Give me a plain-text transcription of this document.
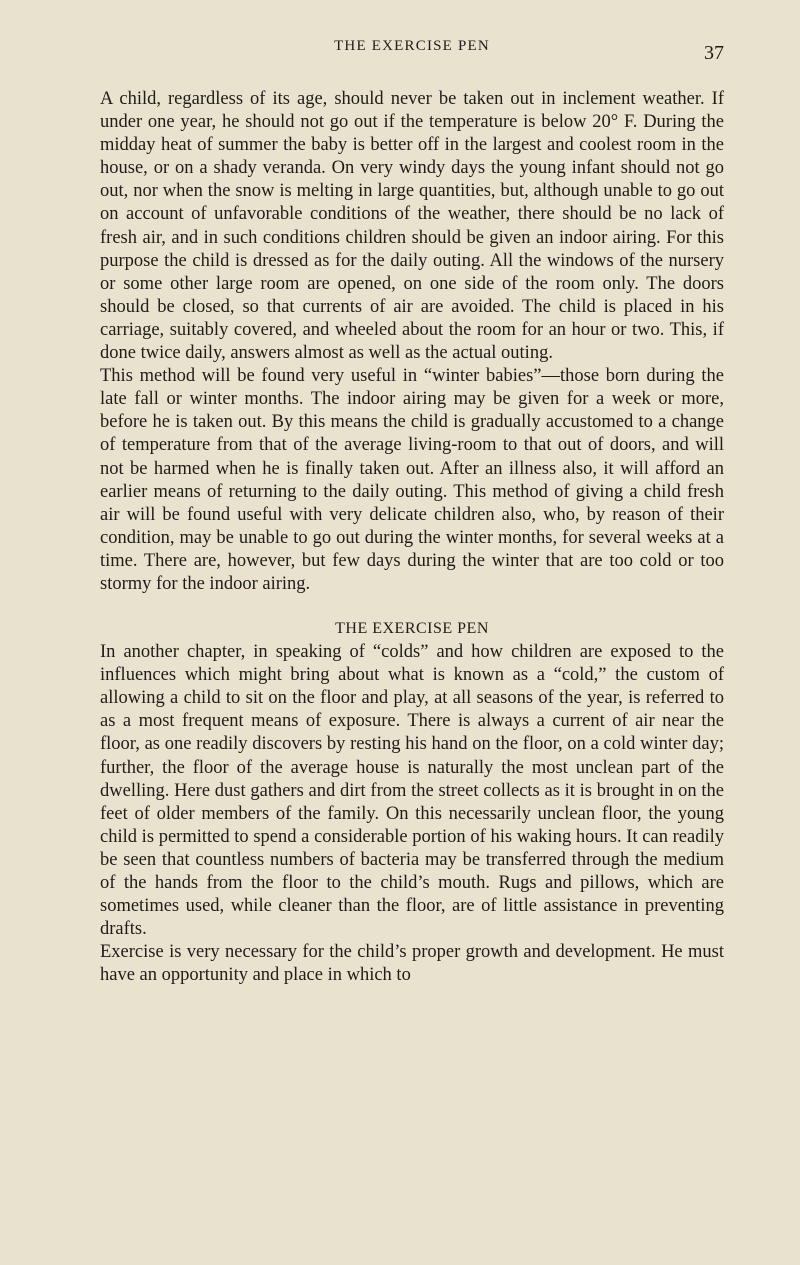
THE EXERCISE PEN	37

A child, regardless of its age, should never be taken out in inclement weather. If under one year, he should not go out if the temperature is below 20° F. During the midday heat of summer the baby is better off in the largest and coolest room in the house, or on a shady veranda. On very windy days the young infant should not go out, nor when the snow is melting in large quantities, but, although unable to go out on account of unfavorable conditions of the weather, there should be no lack of fresh air, and in such conditions children should be given an indoor airing. For this purpose the child is dressed as for the daily outing. All the windows of the nursery or some other large room are opened, on one side of the room only. The doors should be closed, so that currents of air are avoided. The child is placed in his carriage, suitably covered, and wheeled about the room for an hour or two. This, if done twice daily, answers almost as well as the actual outing.

This method will be found very useful in “winter babies”—those born during the late fall or winter months. The indoor airing may be given for a week or more, before he is taken out. By this means the child is gradually accustomed to a change of temperature from that of the average living-room to that out of doors, and will not be harmed when he is finally taken out. After an illness also, it will afford an earlier means of returning to the daily outing. This method of giving a child fresh air will be found useful with very delicate children also, who, by reason of their condition, may be unable to go out during the winter months, for several weeks at a time. There are, however, but few days during the winter that are too cold or too stormy for the indoor airing.

THE EXERCISE PEN

In another chapter, in speaking of “colds” and how children are exposed to the influences which might bring about what is known as a “cold,” the custom of allowing a child to sit on the floor and play, at all seasons of the year, is referred to as a most frequent means of exposure. There is always a current of air near the floor, as one readily discovers by resting his hand on the floor, on a cold winter day; further, the floor of the average house is naturally the most unclean part of the dwelling. Here dust gathers and dirt from the street collects as it is brought in on the feet of older members of the family. On this necessarily unclean floor, the young child is permitted to spend a considerable portion of his waking hours. It can readily be seen that countless numbers of bacteria may be transferred through the medium of the hands from the floor to the child’s mouth. Rugs and pillows, which are sometimes used, while cleaner than the floor, are of little assistance in preventing drafts.

Exercise is very necessary for the child’s proper growth and development. He must have an opportunity and place in which to
